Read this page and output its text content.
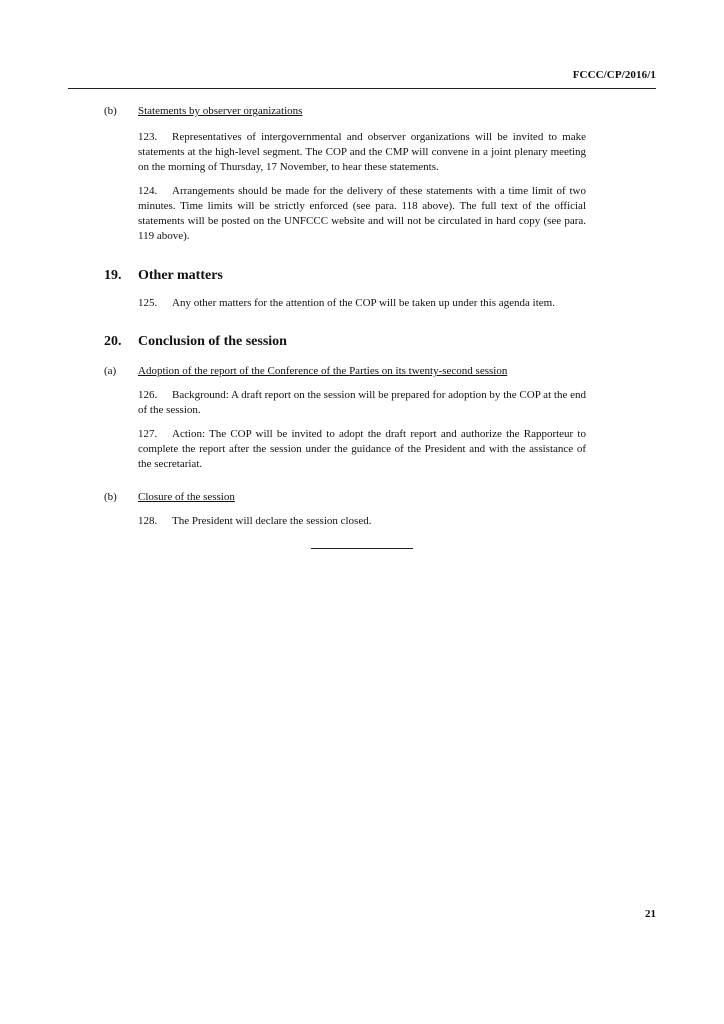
FCCC/CP/2016/1
(b) Statements by observer organizations

123. Representatives of intergovernmental and observer organizations will be invited to make statements at the high-level segment. The COP and the CMP will convene in a joint plenary meeting on the morning of Thursday, 17 November, to hear these statements.

124. Arrangements should be made for the delivery of these statements with a time limit of two minutes. Time limits will be strictly enforced (see para. 118 above). The full text of the official statements will be posted on the UNFCCC website and will not be circulated in hard copy (see para. 119 above).

19. Other matters

125. Any other matters for the attention of the COP will be taken up under this agenda item.

20. Conclusion of the session
(a) Adoption of the report of the Conference of the Parties on its twenty-second session

126. Background: A draft report on the session will be prepared for adoption by the COP at the end of the session.

127. Action: The COP will be invited to adopt the draft report and authorize the Rapporteur to complete the report after the session under the guidance of the President and with the assistance of the secretariat.

(b) Closure of the session

128. The President will declare the session closed.

21
